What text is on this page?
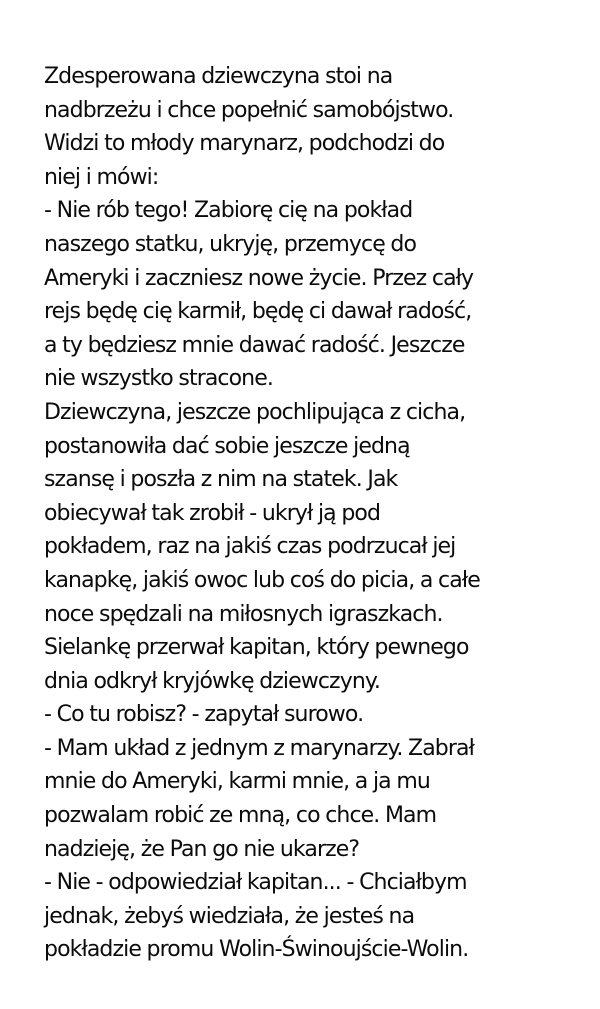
Zdesperowana dziewczyna stoi na
nadbrzeżu i chce popełnić samobójstwo.
Widzi to młody marynarz, podchodzi do
niej i mówi:
- Nie rób tego! Zabiorę cię na pokład
naszego statku, ukryję, przemycę do
Ameryki i zaczniesz nowe życie. Przez cały
rejs będę cię karmił, będę ci dawał radość,
a ty będziesz mnie dawać radość. Jeszcze
nie wszystko stracone.
Dziewczyna, jeszcze pochlipująca z cicha,
postanowiła dać sobie jeszcze jedną
szansę i poszła z nim na statek. Jak
obiecywał tak zrobił - ukrył ją pod
pokładem, raz na jakiś czas podrzucał jej
kanapkę, jakiś owoc lub coś do picia, a całe
noce spędzali na miłosnych igraszkach.
Sielankę przerwał kapitan, który pewnego
dnia odkrył kryjówkę dziewczyny.
- Co tu robisz? - zapytał surowo.
- Mam układ z jednym z marynarzy. Zabrał
mnie do Ameryki, karmi mnie, a ja mu
pozwalam robić ze mną, co chce. Mam
nadzieję, że Pan go nie ukarze?
- Nie - odpowiedział kapitan... - Chciałbym
jednak, żebyś wiedziała, że jesteś na
pokładzie promu Wolin-Świnoujście-Wolin.
